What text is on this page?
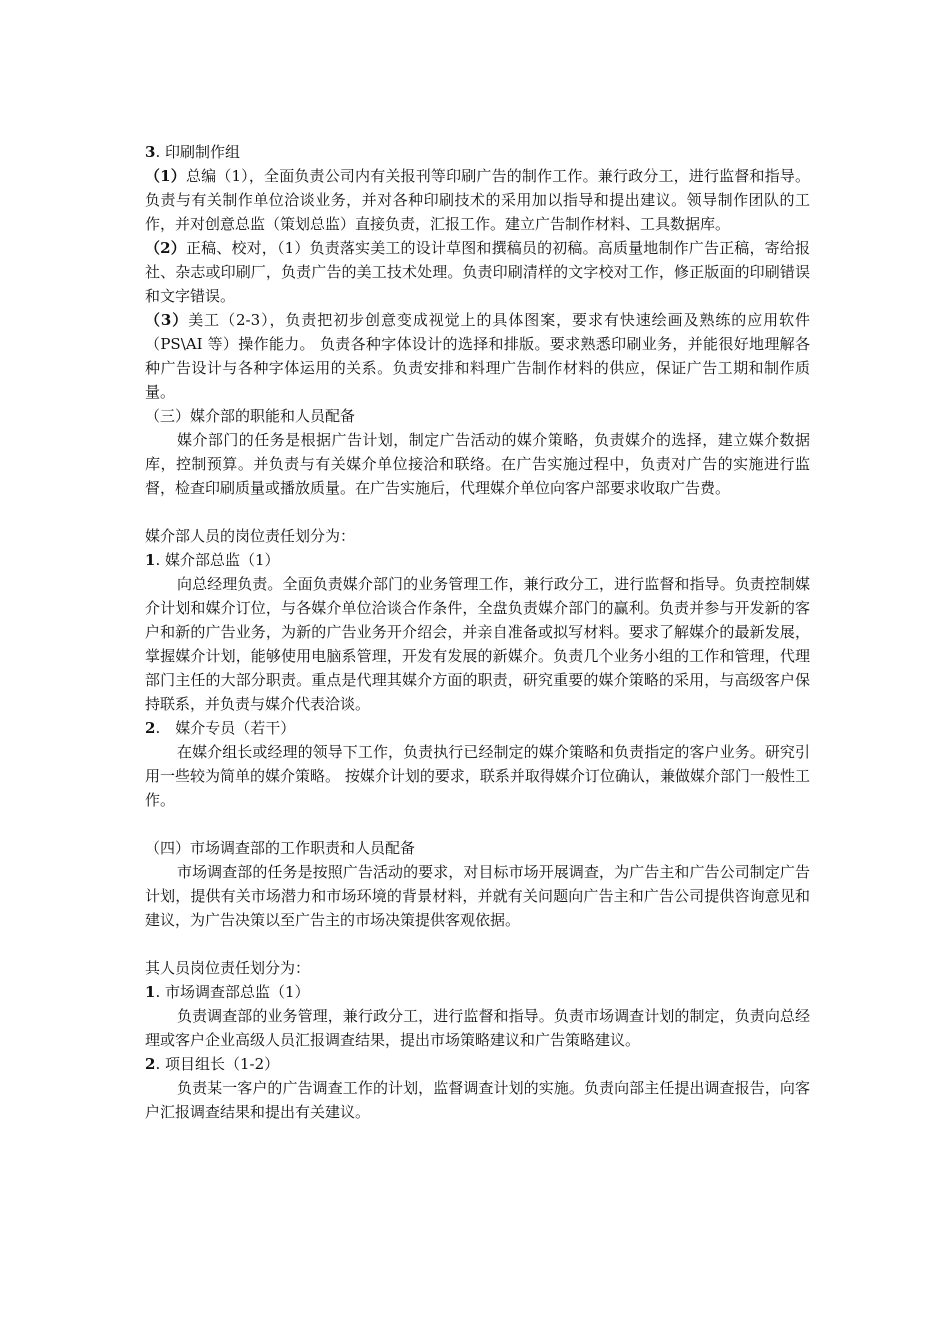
3. 印刷制作组

（1）总编（1），全面负责公司内有关报刊等印刷广告的制作工作。兼行政分工，进行监督和指导。负责与有关制作单位洽谈业务，并对各种印刷技术的采用加以指导和提出建议。领导制作团队的工作，并对创意总监（策划总监）直接负责，汇报工作。建立广告制作材料、工具数据库。

（2）正稿、校对，（1）负责落实美工的设计草图和撰稿员的初稿。高质量地制作广告正稿，寄给报社、杂志或印刷厂，负责广告的美工技术处理。负责印刷清样的文字校对工作，修正版面的印刷错误和文字错误。

（3）美工（2-3），负责把初步创意变成视觉上的具体图案，要求有快速绘画及熟练的应用软件（PS\AI 等）操作能力。 负责各种字体设计的选择和排版。要求熟悉印刷业务，并能很好地理解各种广告设计与各种字体运用的关系。负责安排和料理广告制作材料的供应，保证广告工期和制作质量。

（三）媒介部的职能和人员配备

媒介部门的任务是根据广告计划，制定广告活动的媒介策略，负责媒介的选择，建立媒介数据库，控制预算。并负责与有关媒介单位接洽和联络。在广告实施过程中，负责对广告的实施进行监督，检查印刷质量或播放质量。在广告实施后，代理媒介单位向客户部要求收取广告费。

媒介部人员的岗位责任划分为：

1. 媒介部总监（1）

向总经理负责。全面负责媒介部门的业务管理工作，兼行政分工，进行监督和指导。负责控制媒介计划和媒介订位，与各媒介单位洽谈合作条件，全盘负责媒介部门的赢利。负责并参与开发新的客户和新的广告业务，为新的广告业务开介绍会，并亲自准备或拟写材料。要求了解媒介的最新发展，掌握媒介计划，能够使用电脑系管理，开发有发展的新媒介。负责几个业务小组的工作和管理，代理部门主任的大部分职责。重点是代理其媒介方面的职责，研究重要的媒介策略的采用，与高级客户保持联系，并负责与媒介代表洽谈。

2.　媒介专员（若干）

在媒介组长或经理的领导下工作，负责执行已经制定的媒介策略和负责指定的客户业务。研究引用一些较为简单的媒介策略。 按媒介计划的要求，联系并取得媒介订位确认，兼做媒介部门一般性工作。

（四）市场调查部的工作职责和人员配备

市场调查部的任务是按照广告活动的要求，对目标市场开展调查，为广告主和广告公司制定广告计划，提供有关市场潜力和市场环境的背景材料，并就有关问题向广告主和广告公司提供咨询意见和建议，为广告决策以至广告主的市场决策提供客观依据。

其人员岗位责任划分为：

1. 市场调查部总监（1）

负责调查部的业务管理，兼行政分工，进行监督和指导。负责市场调查计划的制定，负责向总经理或客户企业高级人员汇报调查结果，提出市场策略建议和广告策略建议。

2. 项目组长（1-2）

负责某一客户的广告调查工作的计划，监督调查计划的实施。负责向部主任提出调查报告，向客户汇报调查结果和提出有关建议。
